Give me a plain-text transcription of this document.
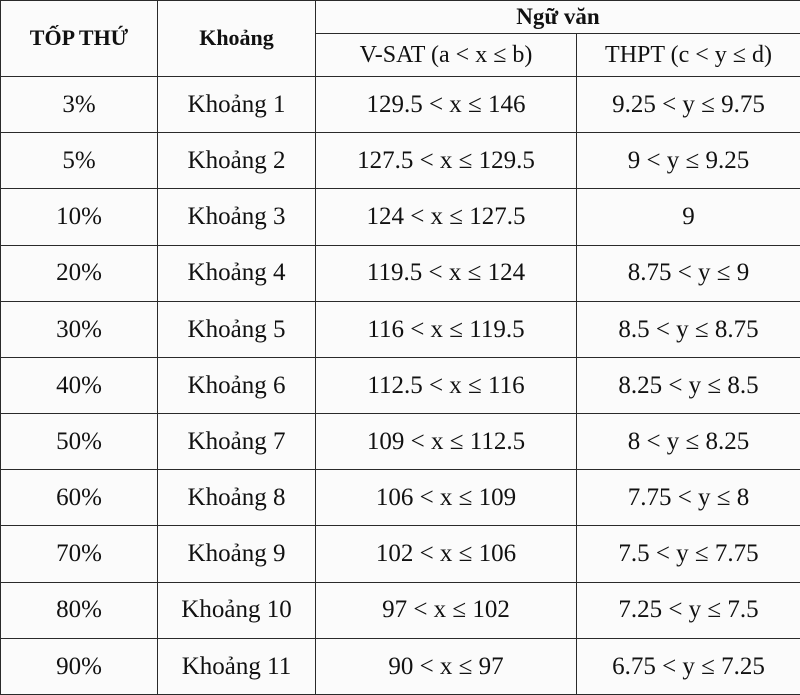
TỐP THỨ	Khoảng	Ngữ văn	
		V-SAT (a < x ≤ b)	THPT (c < y ≤ d)
3%	Khoảng 1	129.5 < x ≤ 146	9.25 < y ≤ 9.75
5%	Khoảng 2	127.5 < x ≤ 129.5	9 < y ≤ 9.25
10%	Khoảng 3	124 < x ≤ 127.5	9
20%	Khoảng 4	119.5 < x ≤ 124	8.75 < y ≤ 9
30%	Khoảng 5	116 < x ≤ 119.5	8.5 < y ≤ 8.75
40%	Khoảng 6	112.5 < x ≤ 116	8.25 < y ≤ 8.5
50%	Khoảng 7	109 < x ≤ 112.5	8 < y ≤ 8.25
60%	Khoảng 8	106 < x ≤ 109	7.75 < y ≤ 8
70%	Khoảng 9	102 < x ≤ 106	7.5 < y ≤ 7.75
80%	Khoảng 10	97 < x ≤ 102	7.25 < y ≤ 7.5
90%	Khoảng 11	90 < x ≤ 97	6.75 < y ≤ 7.25
